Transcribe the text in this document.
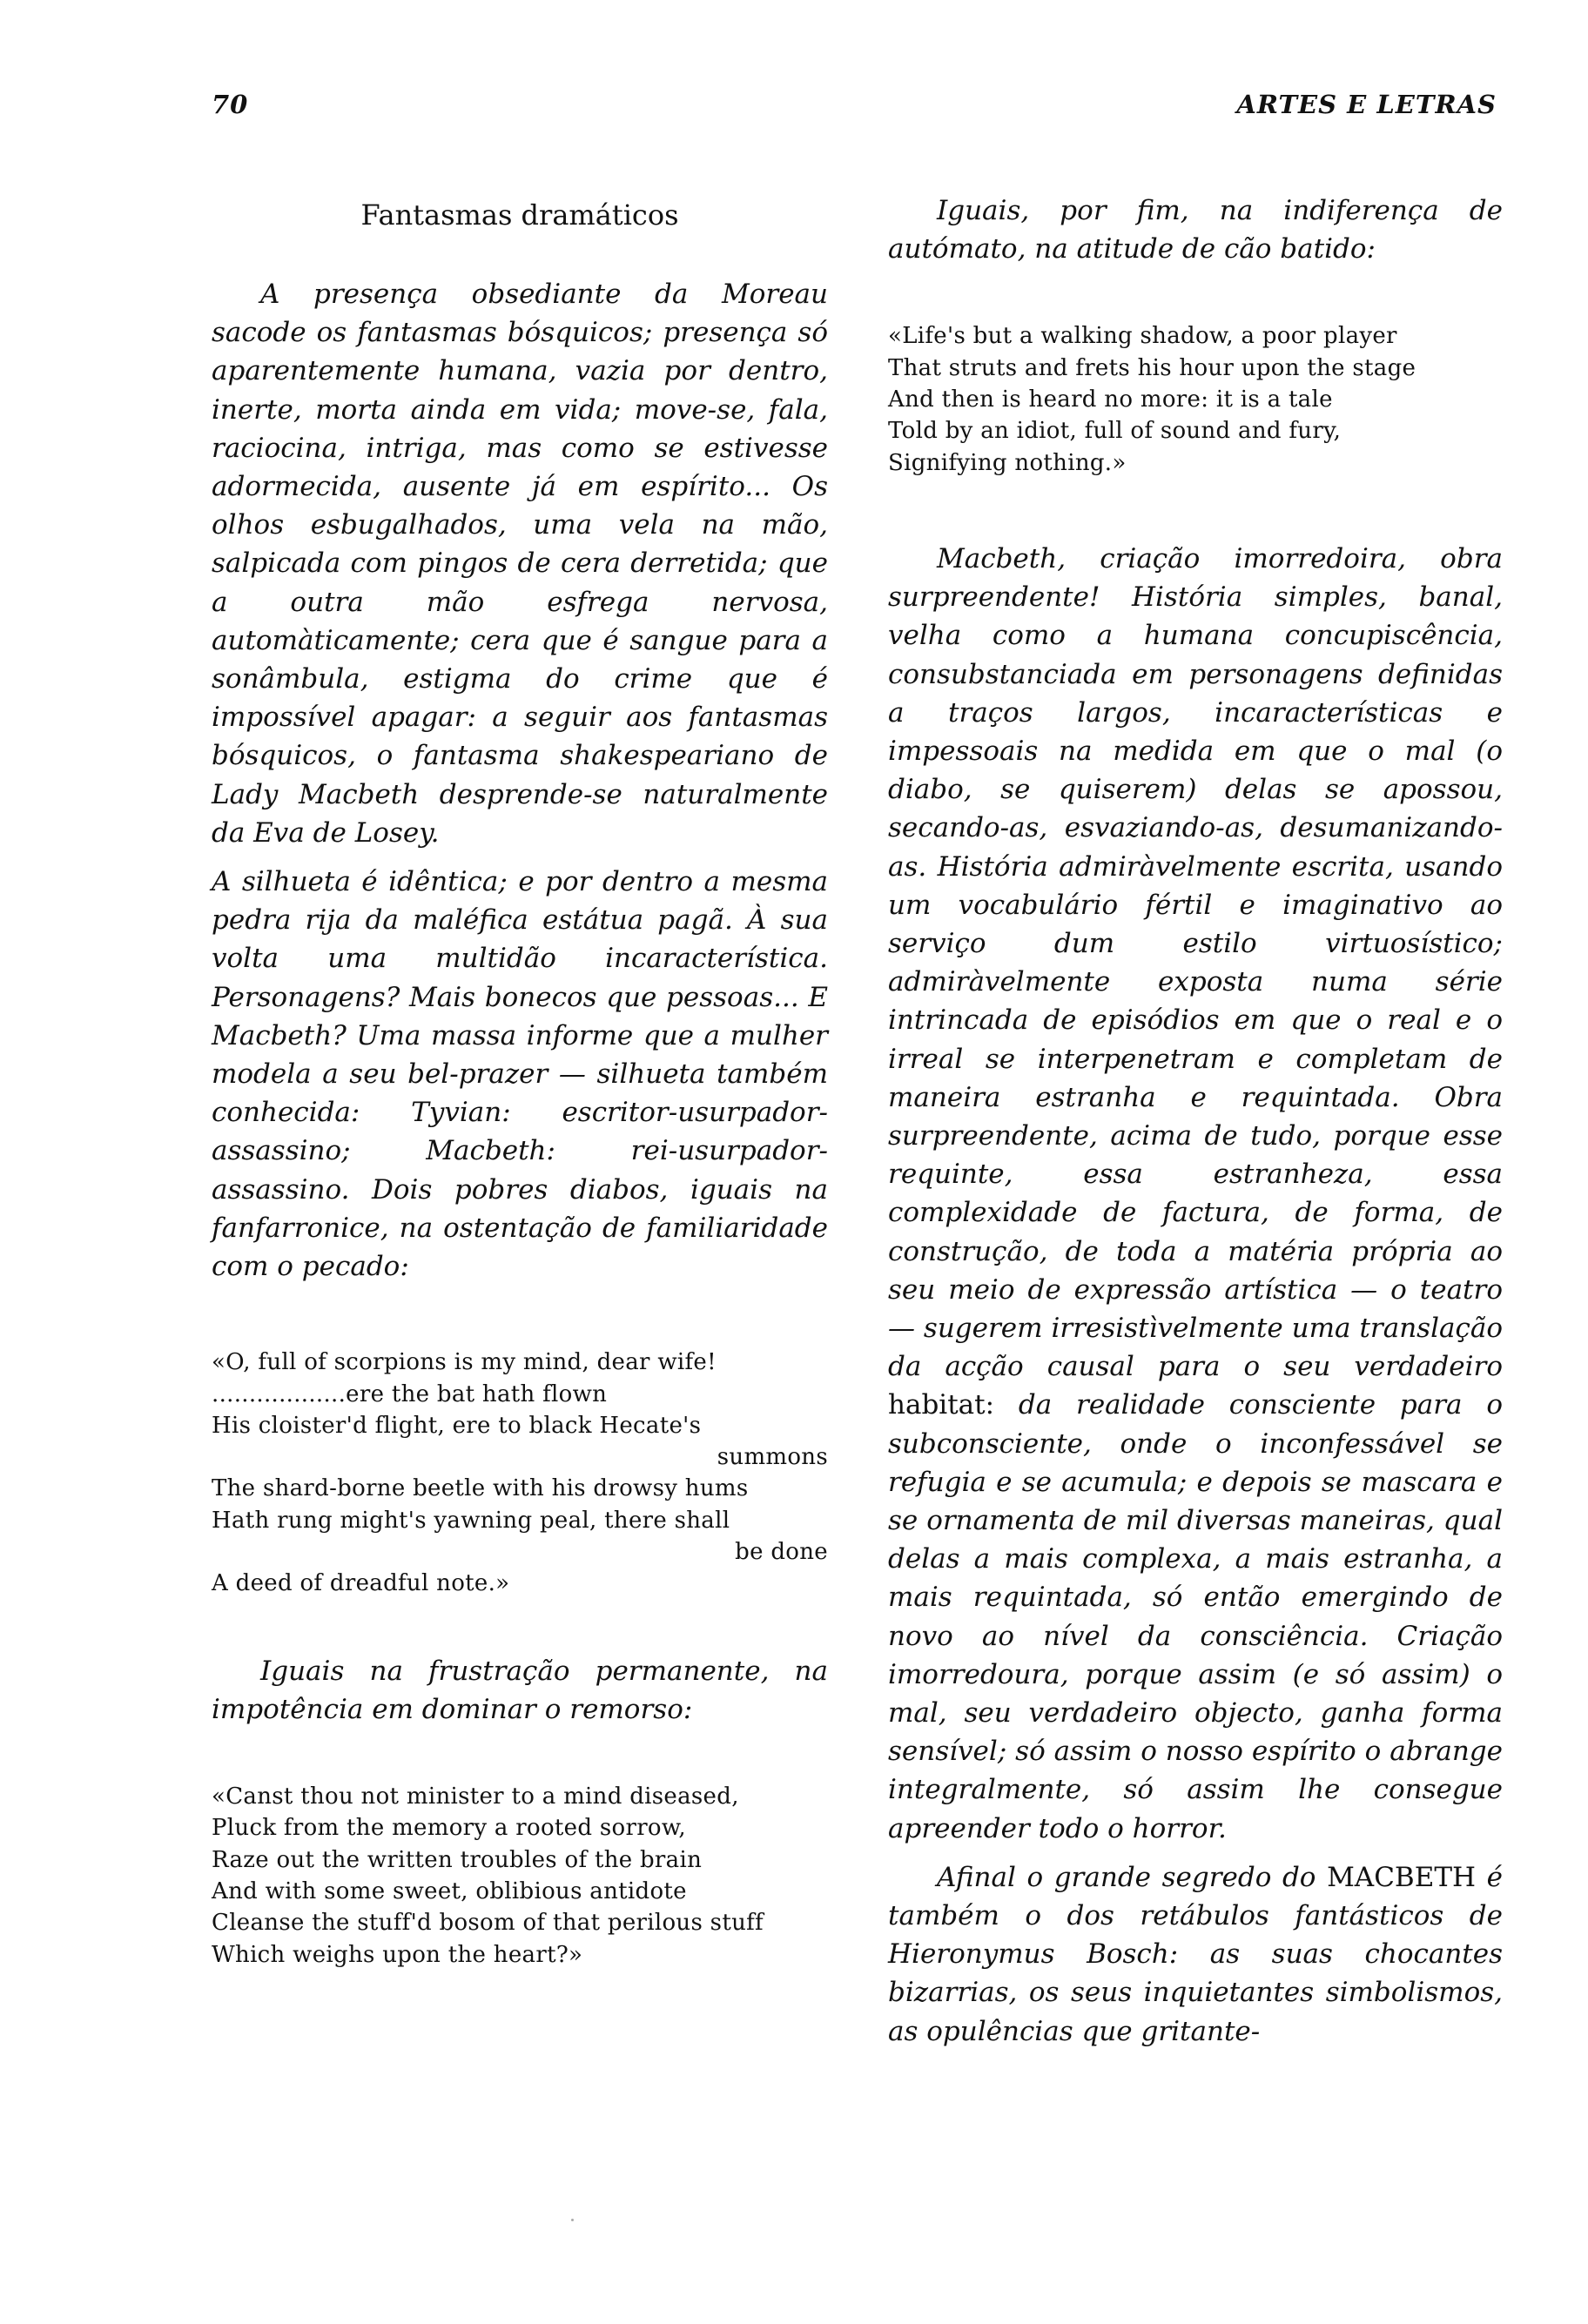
70	ARTES E LETRAS
Fantasmas dramáticos

A presença obsediante da Moreau sacode os fantasmas bósquicos; presença só aparentemente humana, vazia por dentro, inerte, morta ainda em vida; move-se, fala, raciocina, intriga, mas como se estivesse adormecida, ausente já em espírito... Os olhos esbugalhados, uma vela na mão, salpicada com pingos de cera derretida; que a outra mão esfrega nervosa, automàticamente; cera que é sangue para a sonâmbula, estigma do crime que é impossível apagar: a seguir aos fantasmas bósquicos, o fantasma shakespeariano de Lady Macbeth desprende-se naturalmente da Eva de Losey.

A silhueta é idêntica; e por dentro a mesma pedra rija da maléfica estátua pagã. À sua volta uma multidão incaracterística. Personagens? Mais bonecos que pessoas... E Macbeth? Uma massa informe que a mulher modela a seu bel-prazer — silhueta também conhecida: Tyvian: escritor-usurpador-assassino; Macbeth: rei-usurpador-assassino. Dois pobres diabos, iguais na fanfarronice, na ostentação de familiaridade com o pecado:

«O, full of scorpions is my mind, dear wife!
..................ere the bat hath flown
His cloister'd flight, ere to black Hecate's
summons
The shard-borne beetle with his drowsy hums
Hath rung might's yawning peal, there shall
be done
A deed of dreadful note.»

Iguais na frustração permanente, na impotência em dominar o remorso:

«Canst thou not minister to a mind diseased,
Pluck from the memory a rooted sorrow,
Raze out the written troubles of the brain
And with some sweet, oblibious antidote
Cleanse the stuff'd bosom of that perilous stuff
Which weighs upon the heart?»

Iguais, por fim, na indiferença de autómato, na atitude de cão batido:

«Life's but a walking shadow, a poor player
That struts and frets his hour upon the stage
And then is heard no more: it is a tale
Told by an idiot, full of sound and fury,
Signifying nothing.»

Macbeth, criação imorredoira, obra surpreendente! História simples, banal, velha como a humana concupiscência, consubstanciada em personagens definidas a traços largos, incaracterísticas e impessoais na medida em que o mal (o diabo, se quiserem) delas se apossou, secando-as, esvaziando-as, desumanizando-as. História admiràvelmente escrita, usando um vocabulário fértil e imaginativo ao serviço dum estilo virtuosístico; admiràvelmente exposta numa série intrincada de episódios em que o real e o irreal se interpenetram e completam de maneira estranha e requintada. Obra surpreendente, acima de tudo, porque esse requinte, essa estranheza, essa complexidade de factura, de forma, de construção, de toda a matéria própria ao seu meio de expressão artística — o teatro — sugerem irresistìvelmente uma translação da acção causal para o seu verdadeiro habitat: da realidade consciente para o subconsciente, onde o inconfessável se refugia e se acumula; e depois se mascara e se ornamenta de mil diversas maneiras, qual delas a mais complexa, a mais estranha, a mais requintada, só então emergindo de novo ao nível da consciência. Criação imorredoura, porque assim (e só assim) o mal, seu verdadeiro objecto, ganha forma sensível; só assim o nosso espírito o abrange integralmente, só assim lhe consegue apreender todo o horror.

Afinal o grande segredo do MACBETH é também o dos retábulos fantásticos de Hieronymus Bosch: as suas chocantes bizarrias, os seus inquietantes simbolismos, as opulências que gritante-
